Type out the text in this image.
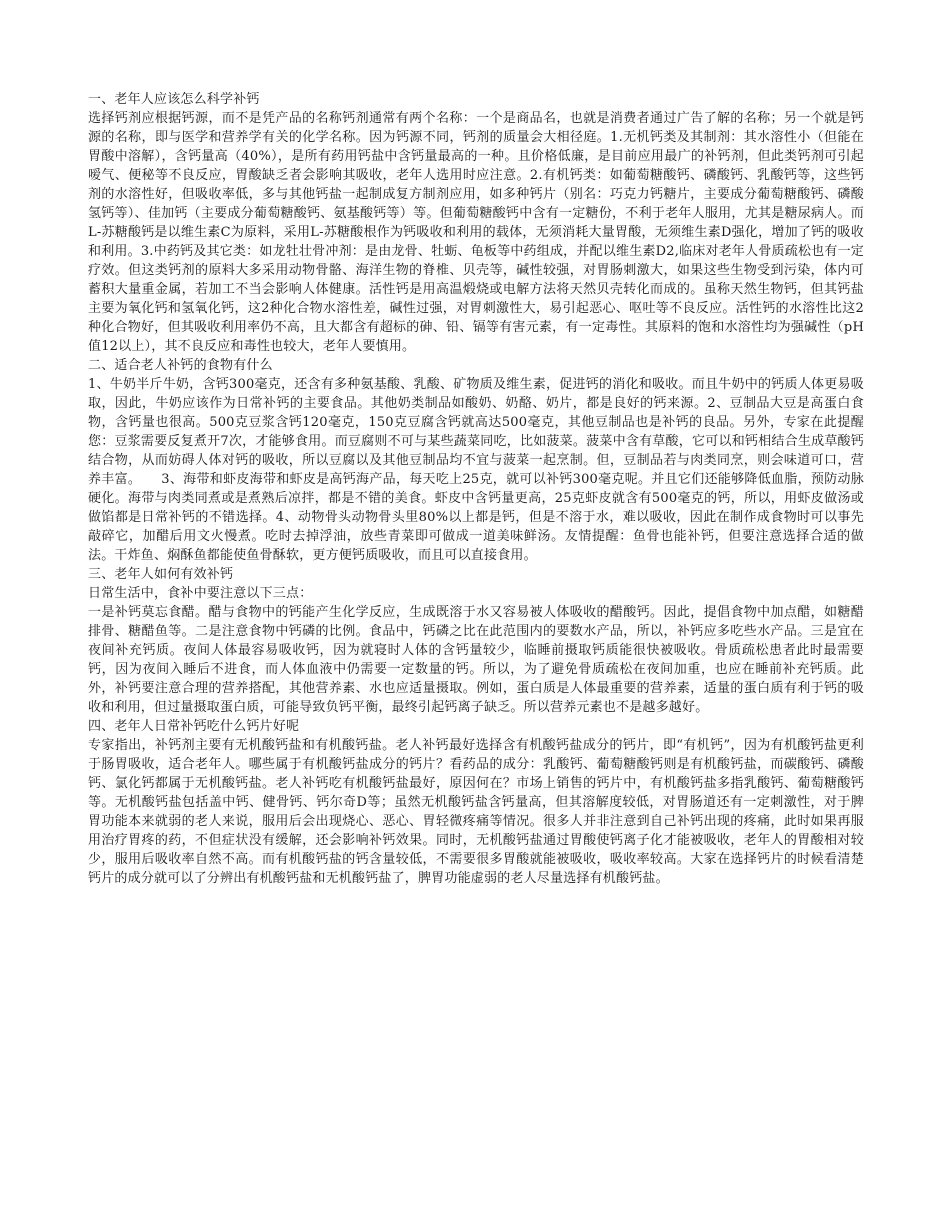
一、老年人应该怎么科学补钙

选择钙剂应根据钙源，而不是凭产品的名称钙剂通常有两个名称：一个是商品名，也就是消费者通过广告了解的名称；另一个就是钙源的名称，即与医学和营养学有关的化学名称。因为钙源不同，钙剂的质量会大相径庭。1.无机钙类及其制剂：其水溶性小（但能在胃酸中溶解），含钙量高（40%），是所有药用钙盐中含钙量最高的一种。且价格低廉，是目前应用最广的补钙剂，但此类钙剂可引起嗳气、便秘等不良反应，胃酸缺乏者会影响其吸收，老年人选用时应注意。2.有机钙类：如葡萄糖酸钙、磷酸钙、乳酸钙等，这些钙剂的水溶性好，但吸收率低，多与其他钙盐一起制成复方制剂应用，如多种钙片（别名：巧克力钙糖片，主要成分葡萄糖酸钙、磷酸氢钙等）、佳加钙（主要成分葡萄糖酸钙、氨基酸钙等）等。但葡萄糖酸钙中含有一定糖份，不利于老年人服用，尤其是糖尿病人。而L-苏糖酸钙是以维生素C为原料，采用L-苏糖酸根作为钙吸收和利用的载体，无须消耗大量胃酸，无须维生素D强化，增加了钙的吸收和利用。3.中药钙及其它类：如龙牡壮骨冲剂：是由龙骨、牡蛎、龟板等中药组成，并配以维生素D2,临床对老年人骨质疏松也有一定疗效。但这类钙剂的原料大多采用动物骨骼、海洋生物的脊椎、贝壳等，碱性较强，对胃肠刺激大，如果这些生物受到污染，体内可蓄积大量重金属，若加工不当会影响人体健康。活性钙是用高温煅烧或电解方法将天然贝壳转化而成的。虽称天然生物钙，但其钙盐主要为氧化钙和氢氧化钙，这2种化合物水溶性差，碱性过强，对胃刺激性大，易引起恶心、呕吐等不良反应。活性钙的水溶性比这2种化合物好，但其吸收利用率仍不高，且大都含有超标的砷、铅、镉等有害元素，有一定毒性。其原料的饱和水溶性均为强碱性（pH值12以上），其不良反应和毒性也较大，老年人要慎用。

二、适合老人补钙的食物有什么

1、牛奶半斤牛奶，含钙300毫克，还含有多种氨基酸、乳酸、矿物质及维生素，促进钙的消化和吸收。而且牛奶中的钙质人体更易吸取，因此，牛奶应该作为日常补钙的主要食品。其他奶类制品如酸奶、奶酪、奶片，都是良好的钙来源。2、豆制品大豆是高蛋白食物，含钙量也很高。500克豆浆含钙120毫克，150克豆腐含钙就高达500毫克，其他豆制品也是补钙的良品。另外，专家在此提醒您：豆浆需要反复煮开7次，才能够食用。而豆腐则不可与某些蔬菜同吃，比如菠菜。菠菜中含有草酸，它可以和钙相结合生成草酸钙结合物，从而妨碍人体对钙的吸收，所以豆腐以及其他豆制品均不宜与菠菜一起烹制。但，豆制品若与肉类同烹，则会味道可口，营养丰富。　　3、海带和虾皮海带和虾皮是高钙海产品，每天吃上25克，就可以补钙300毫克呢。并且它们还能够降低血脂，预防动脉硬化。海带与肉类同煮或是煮熟后凉拌，都是不错的美食。虾皮中含钙量更高，25克虾皮就含有500毫克的钙，所以，用虾皮做汤或做馅都是日常补钙的不错选择。4、动物骨头动物骨头里80%以上都是钙，但是不溶于水，难以吸收，因此在制作成食物时可以事先敲碎它，加醋后用文火慢煮。吃时去掉浮油，放些青菜即可做成一道美味鲜汤。友情提醒：鱼骨也能补钙，但要注意选择合适的做法。干炸鱼、焖酥鱼都能使鱼骨酥软，更方便钙质吸收，而且可以直接食用。

三、老年人如何有效补钙

日常生活中，食补中要注意以下三点：

一是补钙莫忘食醋。醋与食物中的钙能产生化学反应，生成既溶于水又容易被人体吸收的醋酸钙。因此，提倡食物中加点醋，如糖醋排骨、糖醋鱼等。二是注意食物中钙磷的比例。食品中，钙磷之比在此范围内的要数水产品，所以，补钙应多吃些水产品。三是宜在夜间补充钙质。夜间人体最容易吸收钙，因为就寝时人体的含钙量较少，临睡前摄取钙质能很快被吸收。骨质疏松患者此时最需要钙，因为夜间入睡后不进食，而人体血液中仍需要一定数量的钙。所以，为了避免骨质疏松在夜间加重，也应在睡前补充钙质。此外，补钙要注意合理的营养搭配，其他营养素、水也应适量摄取。例如，蛋白质是人体最重要的营养素，适量的蛋白质有利于钙的吸收和利用，但过量摄取蛋白质，可能导致负钙平衡，最终引起钙离子缺乏。所以营养元素也不是越多越好。

四、老年人日常补钙吃什么钙片好呢

专家指出，补钙剂主要有无机酸钙盐和有机酸钙盐。老人补钙最好选择含有机酸钙盐成分的钙片，即“有机钙”，因为有机酸钙盐更利于肠胃吸收，适合老年人。哪些属于有机酸钙盐成分的钙片？看药品的成分：乳酸钙、葡萄糖酸钙则是有机酸钙盐，而碳酸钙、磷酸钙、氯化钙都属于无机酸钙盐。老人补钙吃有机酸钙盐最好，原因何在？市场上销售的钙片中，有机酸钙盐多指乳酸钙、葡萄糖酸钙等。无机酸钙盐包括盖中钙、健骨钙、钙尔奇D等；虽然无机酸钙盐含钙量高，但其溶解度较低，对胃肠道还有一定刺激性，对于脾胃功能本来就弱的老人来说，服用后会出现烧心、恶心、胃轻微疼痛等情况。很多人并非注意到自己补钙出现的疼痛，此时如果再服用治疗胃疼的药，不但症状没有缓解，还会影响补钙效果。同时，无机酸钙盐通过胃酸使钙离子化才能被吸收，老年人的胃酸相对较少，服用后吸收率自然不高。而有机酸钙盐的钙含量较低，不需要很多胃酸就能被吸收，吸收率较高。大家在选择钙片的时候看清楚钙片的成分就可以了分辨出有机酸钙盐和无机酸钙盐了，脾胃功能虚弱的老人尽量选择有机酸钙盐。
